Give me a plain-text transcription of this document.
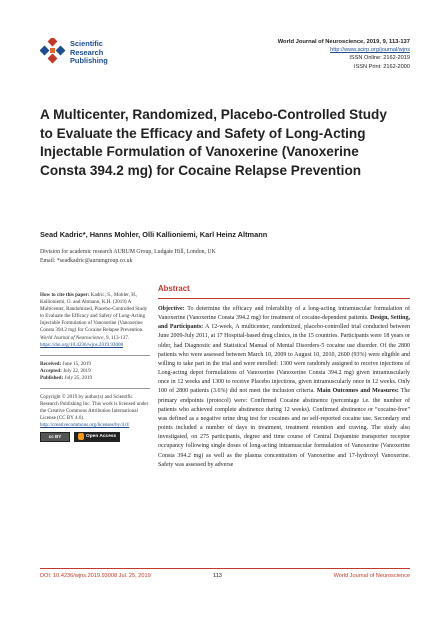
Scientific
Research
Publishing
World Journal of Neuroscience, 2019, 9, 113-137
http://www.scirp.org/journal/wjns
ISSN Online: 2162-2019
ISSN Print: 2162-2000
A Multicenter, Randomized, Placebo-Controlled Study to Evaluate the Efficacy and Safety of Long-Acting Injectable Formulation of Vanoxerine (Vanoxerine Consta 394.2 mg) for Cocaine Relapse Prevention
Sead Kadric*, Hanns Mohler, Olli Kallioniemi, Karl Heinz Altmann
Division for academic research AURUM Group, Ludgate Hill, London, UK
Email: *seadkadric@aurumgroup.co.uk
How to cite this paper: Kadric, S., Mohler, H., Kallioniemi, O. and Altmann, K.H. (2019) A Multicenter, Randomized, Placebo-Controlled Study to Evaluate the Efficacy and Safety of Long-Acting Injectable Formulation of Vanoxerine (Vanoxerine Consta 394.2 mg) for Cocaine Relapse Prevention. World Journal of Neuroscience, 9, 113-137.
https://doi.org/10.4236/wjns.2019.93008
Received: June 15, 2019
Accepted: July 22, 2019
Published: July 25, 2019
Copyright © 2019 by author(s) and Scientific Research Publishing Inc. This work is licensed under the Creative Commons Attribution International License (CC BY 4.0).
http://creativecommons.org/licenses/by/4.0/
cc BY	Open Access
Abstract
Objective: To determine the efficacy and tolerability of a long-acting intramuscular formulation of Vanoxerine (Vanoxerine Consta 394.2 mg) for treatment of cocaine-dependent patients. Design, Setting, and Participants: A 12-week, A multicenter, randomized, placebo-controlled trial conducted between June 2009-July 2011, at 17 Hospital-based drug clinics, in the 15 countries. Participants were 18 years or older, had Diagnostic and Statistical Manual of Mental Disorders-5 cocaine use disorder. Of the 2800 patients who were assessed between March 10, 2009 to August 10, 2010, 2600 (93%) were eligible and willing to take part in the trial and were enrolled: 1300 were randomly assigned to receive injections of Long-acting depot formulations of Vanoxerine (Vanoxerine Consta 394.2 mg) given intramuscularly once in 12 weeks and 1300 to receive Placebo injections, given intramuscularly once in 12 weeks. Only 100 of 2800 patients (3.6%) did not meet the inclusion criteria. Main Outcomes and Measures: The primary endpoints (protocol) were: Confirmed Cocaine abstinence (percentage i.e. the number of patients who achieved complete abstinence during 12 weeks). Confirmed abstinence or “cocaine-free” was defined as a negative urine drug test for cocaines and no self-reported cocaine use. Secondary end points included a number of days in treatment, treatment retention and craving. The study also investigated, on 275 participants, degree and time course of Central Dopamine transporter receptor occupancy following single doses of long-acting intramuscular formulation of Vanoxerine (Vanoxerine Consta 394.2 mg) as well as the plasma concentration of Vanoxerine and 17-hydroxyl Vanoxerine. Safety was assessed by adverse
DOI: 10.4236/wjns.2019.93008 Jul. 25, 2019	113	World Journal of Neuroscience
